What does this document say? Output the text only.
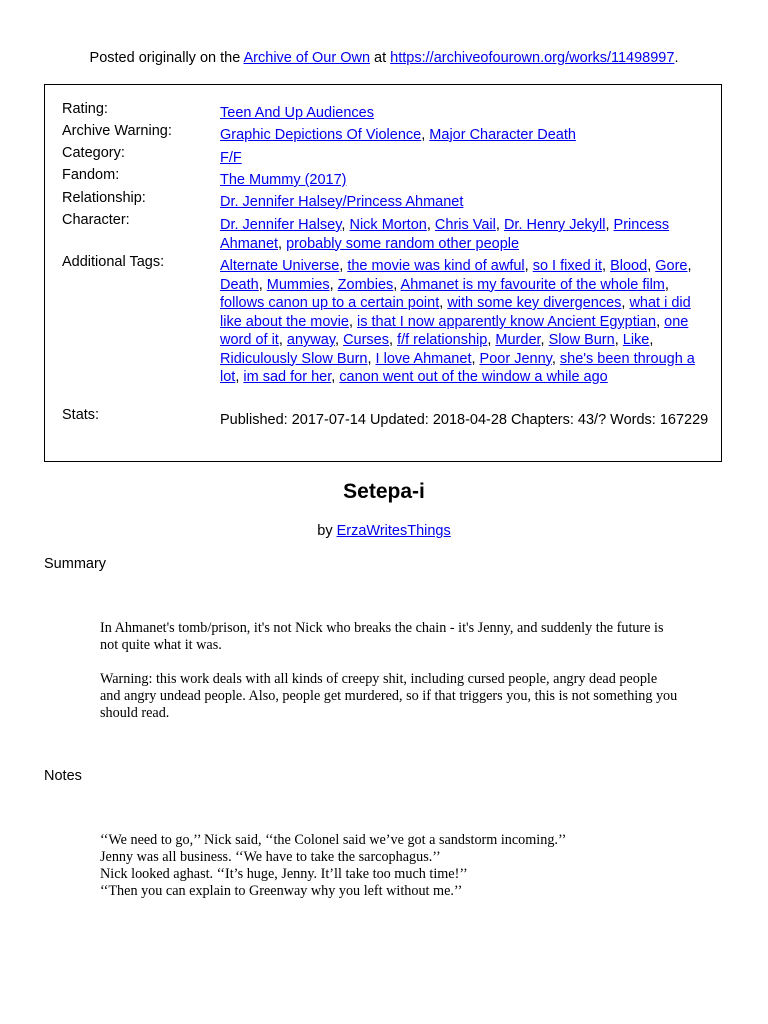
Posted originally on the Archive of Our Own at https://archiveofourown.org/works/11498997.
Rating:	Teen And Up Audiences
Archive Warning:	Graphic Depictions Of Violence, Major Character Death
Category:	F/F
Fandom:	The Mummy (2017)
Relationship:	Dr. Jennifer Halsey/Princess Ahmanet
Character:	Dr. Jennifer Halsey, Nick Morton, Chris Vail, Dr. Henry Jekyll, Princess Ahmanet, probably some random other people
Additional Tags:	Alternate Universe, the movie was kind of awful, so I fixed it, Blood, Gore, Death, Mummies, Zombies, Ahmanet is my favourite of the whole film, follows canon up to a certain point, with some key divergences, what i did like about the movie, is that I now apparently know Ancient Egyptian, one word of it, anyway, Curses, f/f relationship, Murder, Slow Burn, Like, Ridiculously Slow Burn, I love Ahmanet, Poor Jenny, she's been through a lot, im sad for her, canon went out of the window a while ago
Stats:	Published: 2017-07-14 Updated: 2018-04-28 Chapters: 43/? Words: 167229
Setepa-i
by ErzaWritesThings
Summary

In Ahmanet's tomb/prison, it's not Nick who breaks the chain - it's Jenny, and suddenly the future is not quite what it was.

Warning: this work deals with all kinds of creepy shit, including cursed people, angry dead people and angry undead people. Also, people get murdered, so if that triggers you, this is not something you should read.

Notes

‘‘We need to go,’’ Nick said, ‘‘the Colonel said we’ve got a sandstorm incoming.’’

Jenny was all business. ‘‘We have to take the sarcophagus.’’

Nick looked aghast. ‘‘It’s huge, Jenny. It’ll take too much time!’’

‘‘Then you can explain to Greenway why you left without me.’’
